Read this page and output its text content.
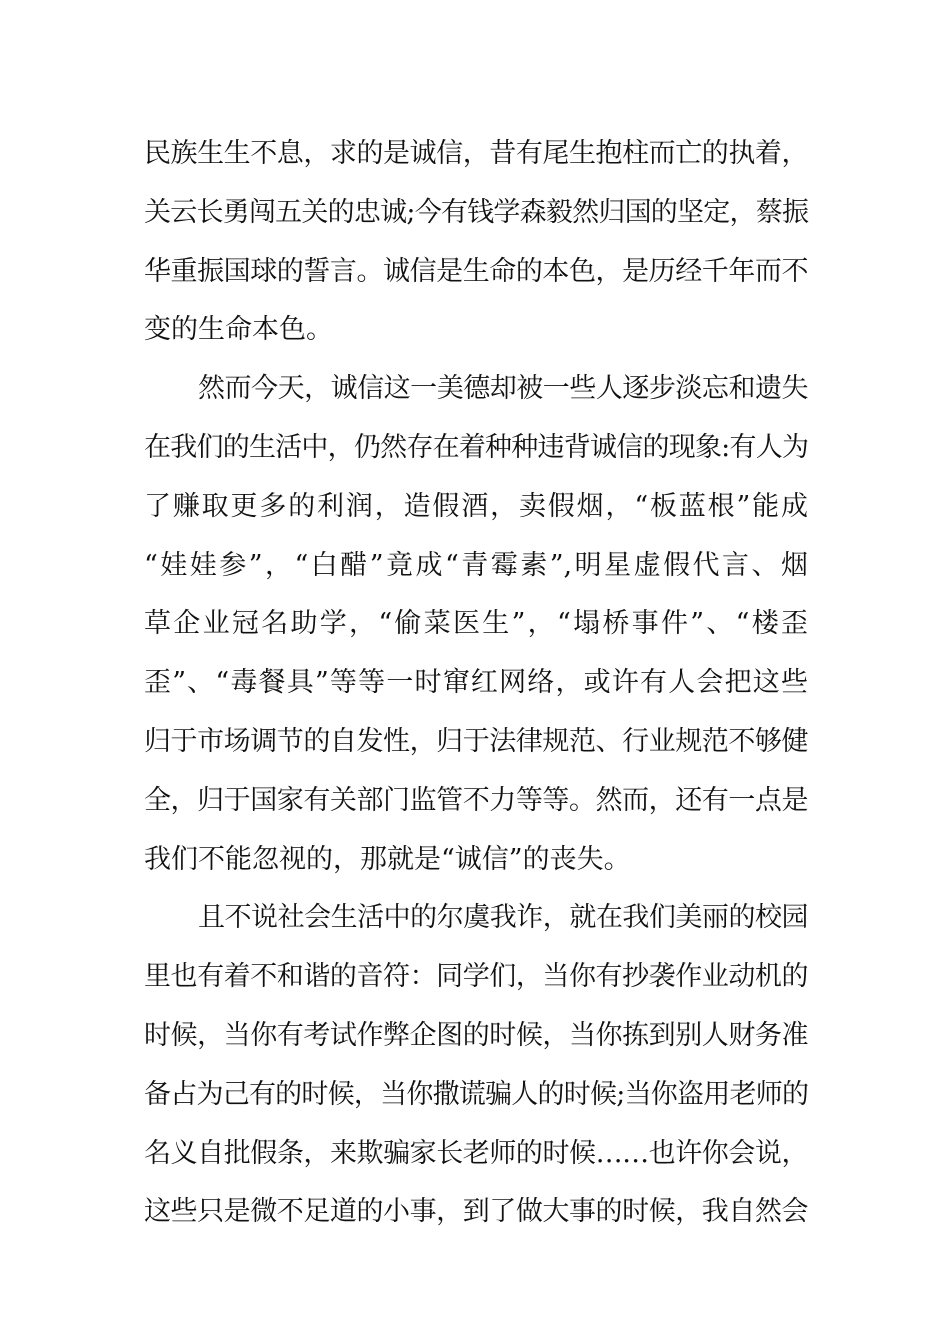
民族生生不息，求的是诚信，昔有尾生抱柱而亡的执着，
关云长勇闯五关的忠诚;今有钱学森毅然归国的坚定，蔡振
华重振国球的誓言。诚信是生命的本色，是历经千年而不
变的生命本色。
然而今天，诚信这一美德却被一些人逐步淡忘和遗失
在我们的生活中，仍然存在着种种违背诚信的现象:有人为
了赚取更多的利润，造假酒，卖假烟，“板蓝根”能成
“娃娃参”，“白醋”竟成“青霉素”,明星虚假代言、烟
草企业冠名助学，“偷菜医生”，“塌桥事件”、“楼歪
歪”、“毒餐具”等等一时窜红网络，或许有人会把这些
归于市场调节的自发性，归于法律规范、行业规范不够健
全，归于国家有关部门监管不力等等。然而，还有一点是
我们不能忽视的，那就是“诚信”的丧失。
且不说社会生活中的尔虞我诈，就在我们美丽的校园
里也有着不和谐的音符：同学们，当你有抄袭作业动机的
时候，当你有考试作弊企图的时候，当你拣到别人财务准
备占为己有的时候，当你撒谎骗人的时候;当你盗用老师的
名义自批假条，来欺骗家长老师的时候……也许你会说，
这些只是微不足道的小事，到了做大事的时候，我自然会
